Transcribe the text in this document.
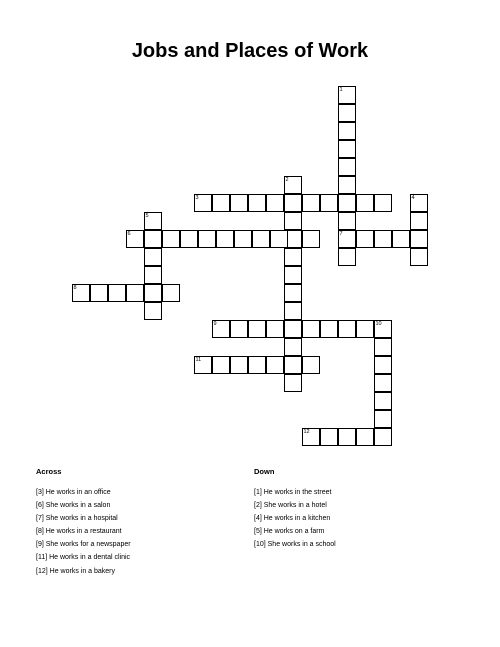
Jobs and Places of Work
1
2
3	4
5
6	7
8
9	10
11
12
Across	Down
[3] He works in an office
[6] She works in a salon
[7] She works in a hospital
[8] He works in a restaurant
[9] She works for a newspaper
[11] He works in a dental clinic
[12] He works in a bakery
[1] He works in the street
[2] She works in a hotel
[4] He works in a kitchen
[5] He works on a farm
[10] She works in a school
